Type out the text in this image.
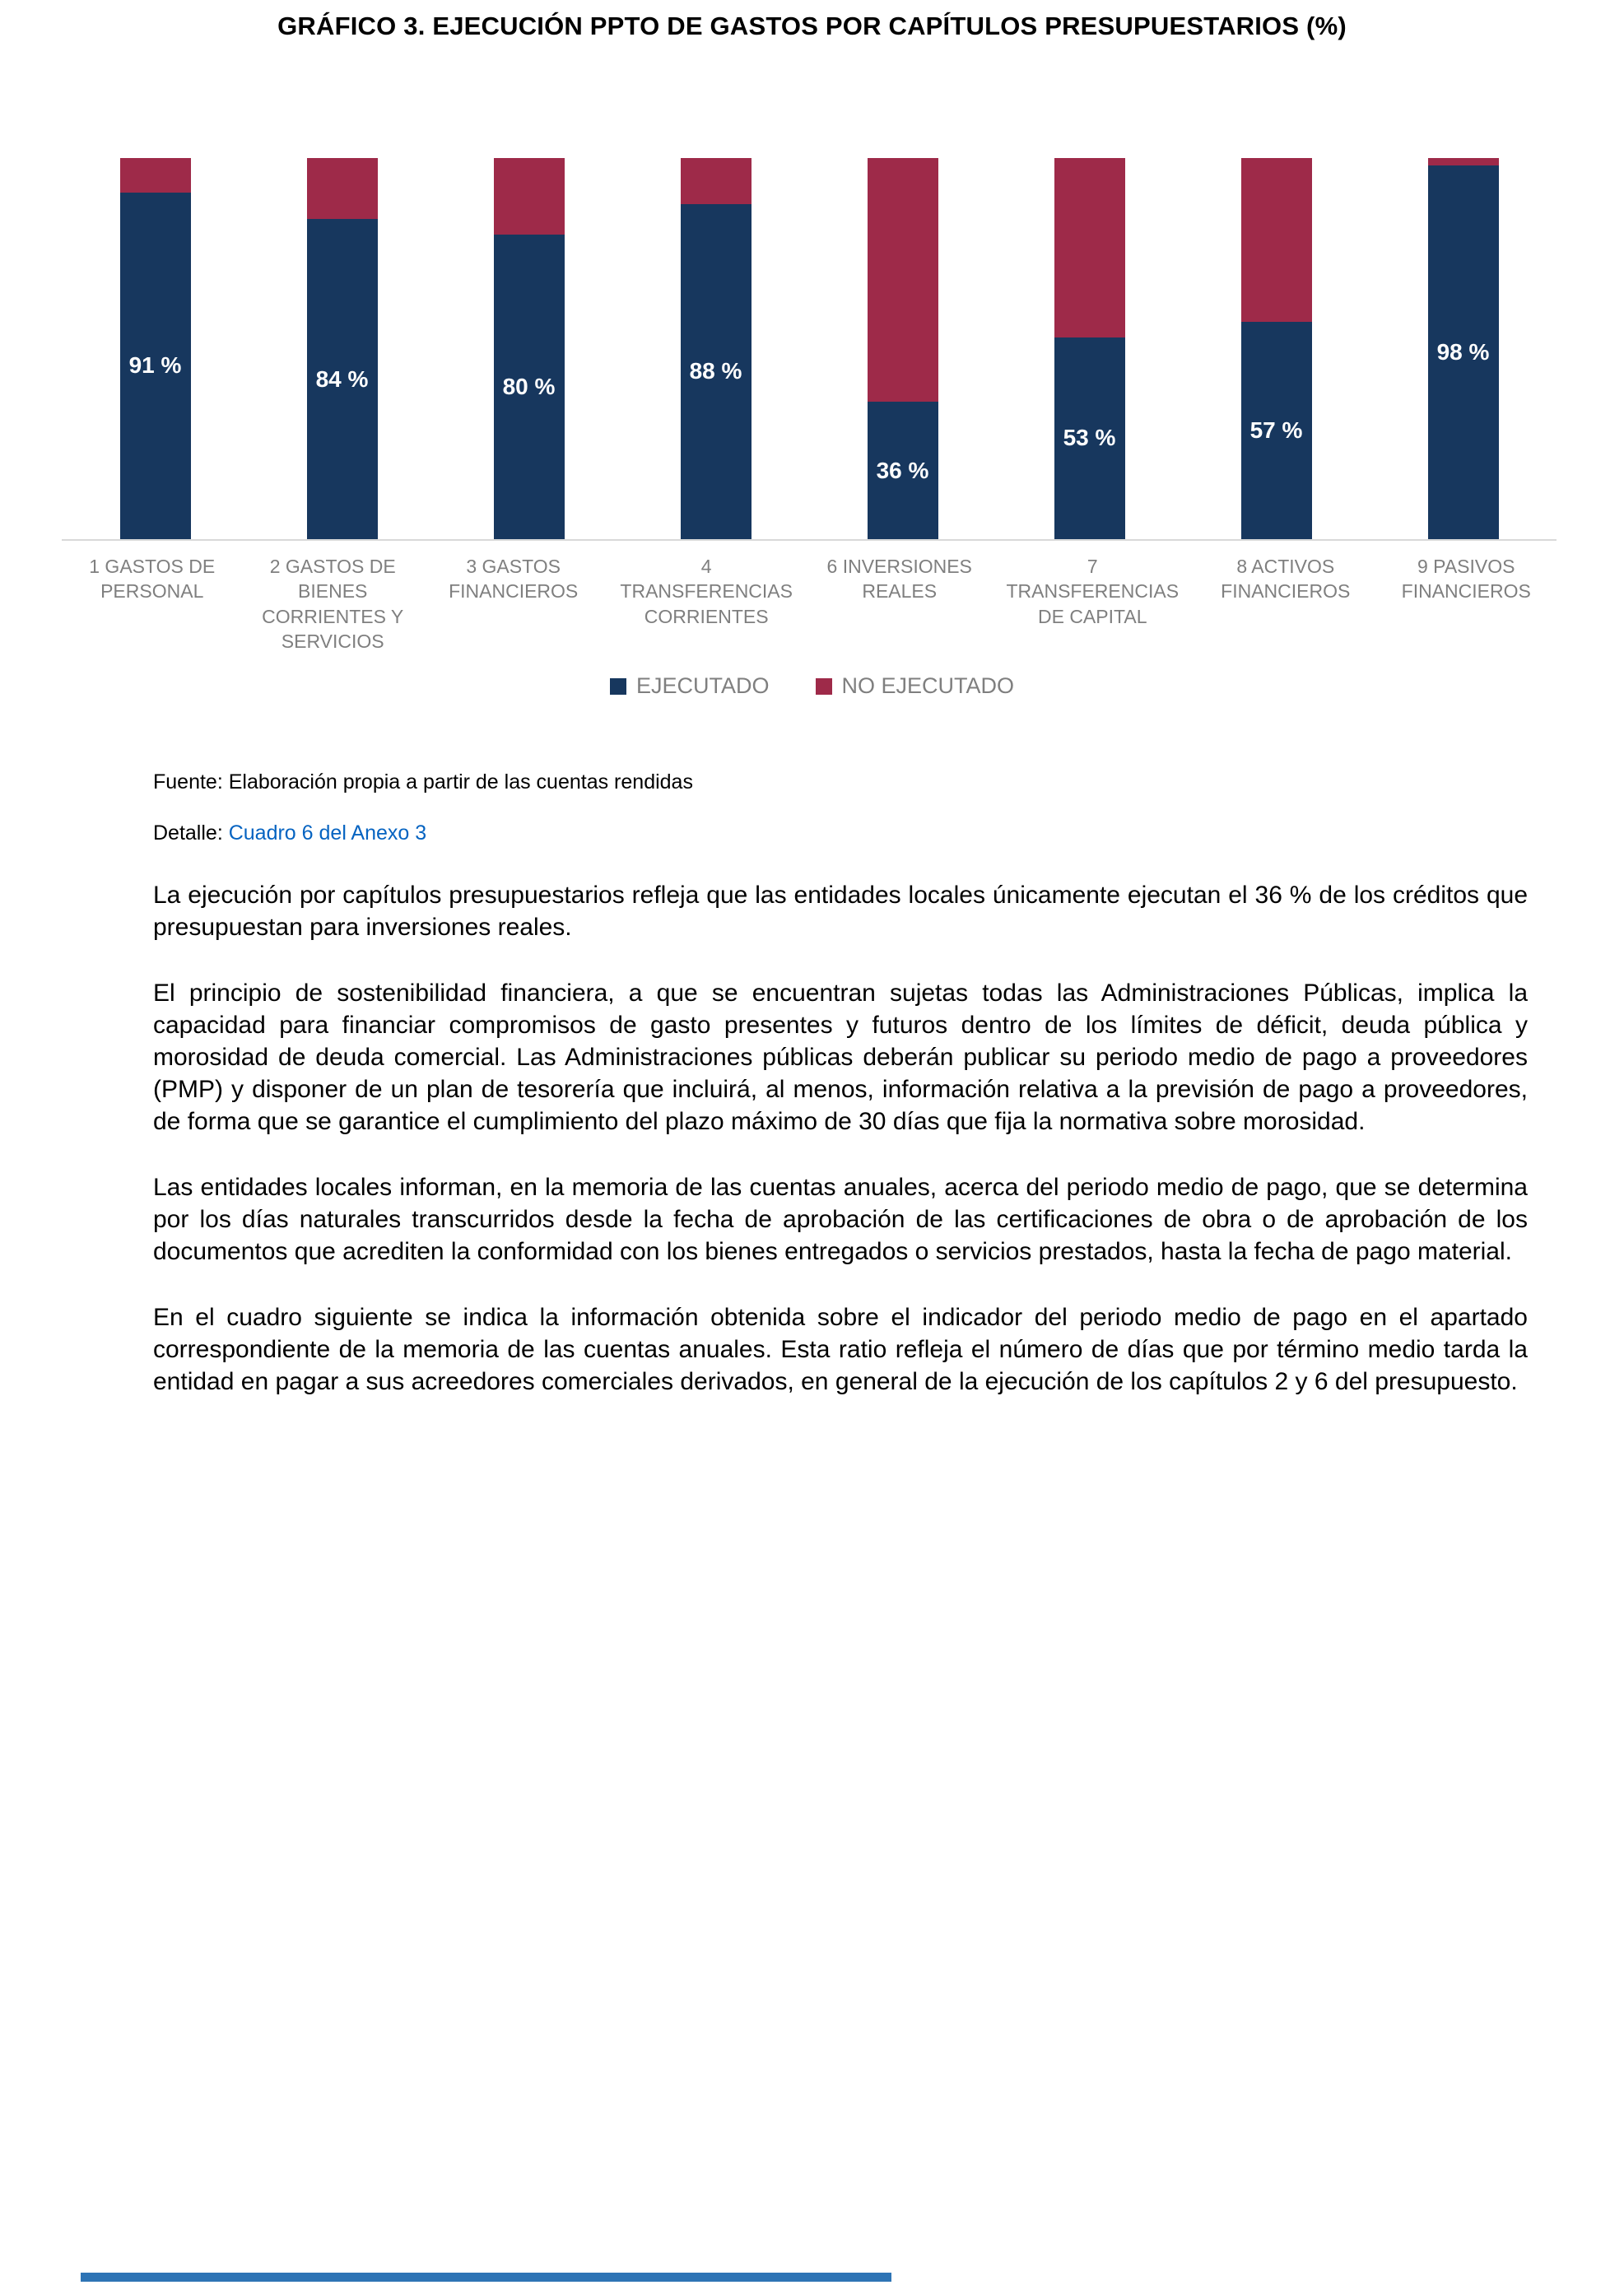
GRÁFICO 3. EJECUCIÓN PPTO DE GASTOS POR CAPÍTULOS PRESUPUESTARIOS (%)
91 %
84 %	80 %
88 %
36 %
53 %	57 %
98 %
1 GASTOS DE PERSONAL
2 GASTOS DE BIENES CORRIENTES Y SERVICIOS
3 GASTOS FINANCIEROS
4 TRANSFERENCIAS CORRIENTES
6 INVERSIONES REALES
7 TRANSFERENCIAS DE CAPITAL
8 ACTIVOS FINANCIEROS
9 PASIVOS FINANCIEROS
EJECUTADO	NO EJECUTADO
Fuente: Elaboración propia a partir de las cuentas rendidas
Detalle: Cuadro 6 del Anexo 3

La ejecución por capítulos presupuestarios refleja que las entidades locales únicamente ejecutan el 36 % de los créditos que presupuestan para inversiones reales.

El principio de sostenibilidad financiera, a que se encuentran sujetas todas las Administraciones Públicas, implica la capacidad para financiar compromisos de gasto presentes y futuros dentro de los límites de déficit, deuda pública y morosidad de deuda comercial. Las Administraciones públicas deberán publicar su periodo medio de pago a proveedores (PMP) y disponer de un plan de tesorería que incluirá, al menos, información relativa a la previsión de pago a proveedores, de forma que se garantice el cumplimiento del plazo máximo de 30 días que fija la normativa sobre morosidad.

Las entidades locales informan, en la memoria de las cuentas anuales, acerca del periodo medio de pago, que se determina por los días naturales transcurridos desde la fecha de aprobación de las certificaciones de obra o de aprobación de los documentos que acrediten la conformidad con los bienes entregados o servicios prestados, hasta la fecha de pago material.

En el cuadro siguiente se indica la información obtenida sobre el indicador del periodo medio de pago en el apartado correspondiente de la memoria de las cuentas anuales. Esta ratio refleja el número de días que por término medio tarda la entidad en pagar a sus acreedores comerciales derivados, en general de la ejecución de los capítulos 2 y 6 del presupuesto.
